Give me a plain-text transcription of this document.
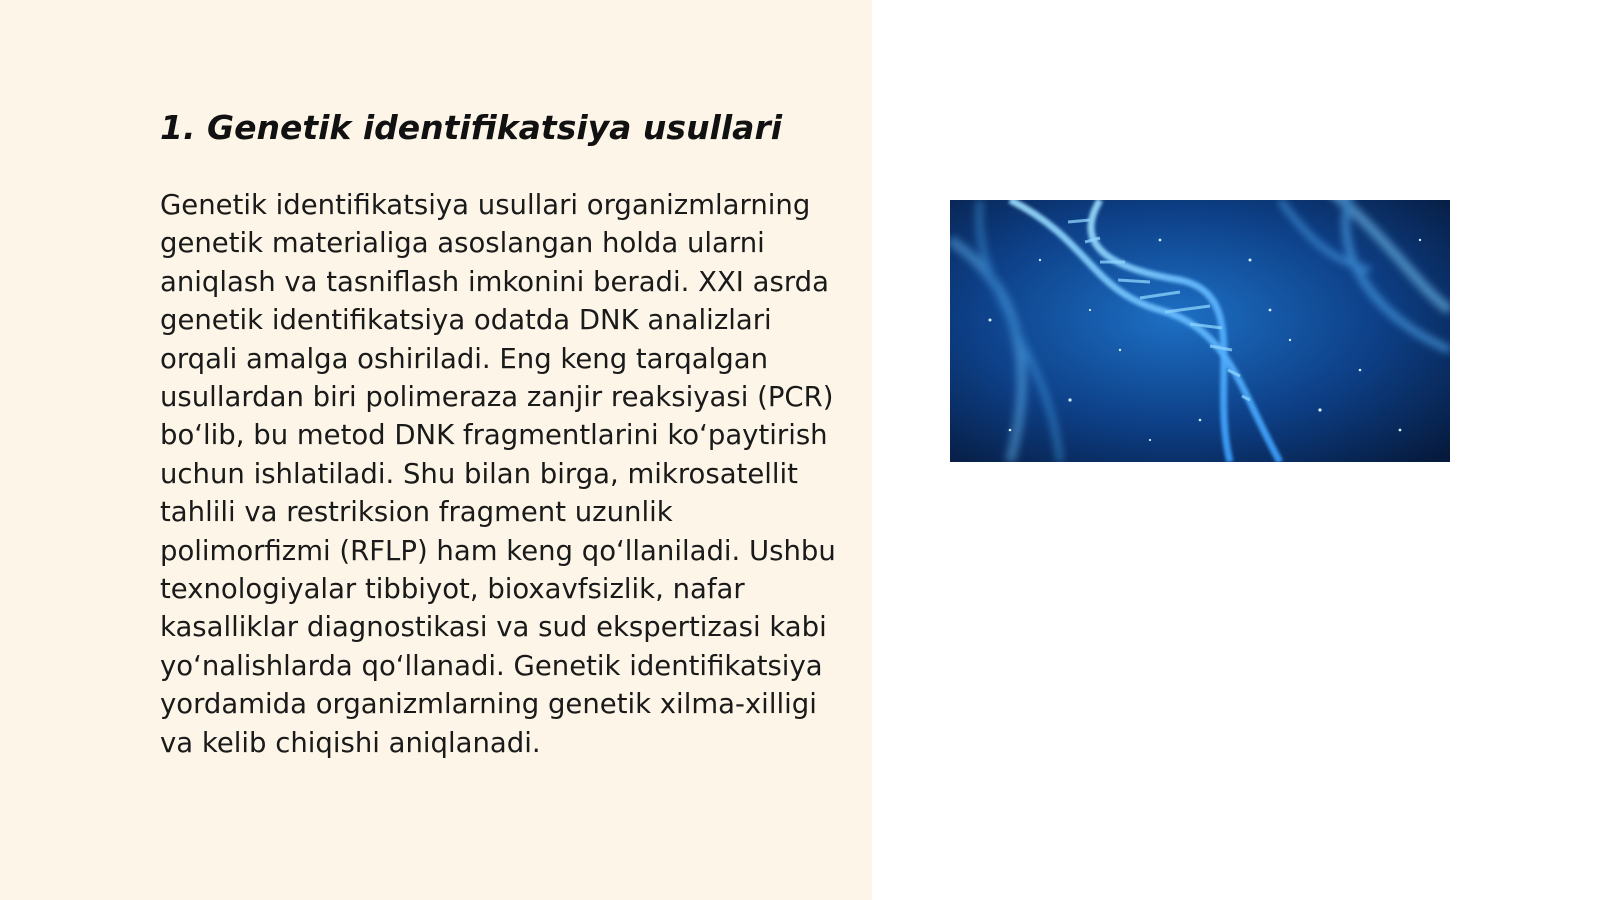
1. Genetik identifikatsiya usullari

Genetik identifikatsiya usullari organizmlarning genetik materialiga asoslangan holda ularni aniqlash va tasniflash imkonini beradi. XXI asrda genetik identifikatsiya odatda DNK analizlari orqali amalga oshiriladi. Eng keng tarqalgan usullardan biri polimeraza zanjir reaksiyasi (PCR) bo‘lib, bu metod DNK fragmentlarini ko‘paytirish uchun ishlatiladi. Shu bilan birga, mikrosatellit tahlili va restriksion fragment uzunlik polimorfizmi (RFLP) ham keng qo‘llaniladi. Ushbu texnologiyalar tibbiyot, bioxavfsizlik, nafar kasalliklar diagnostikasi va sud ekspertizasi kabi yo‘nalishlarda qo‘llanadi. Genetik identifikatsiya yordamida organizmlarning genetik xilma-xilligi va kelib chiqishi aniqlanadi.
